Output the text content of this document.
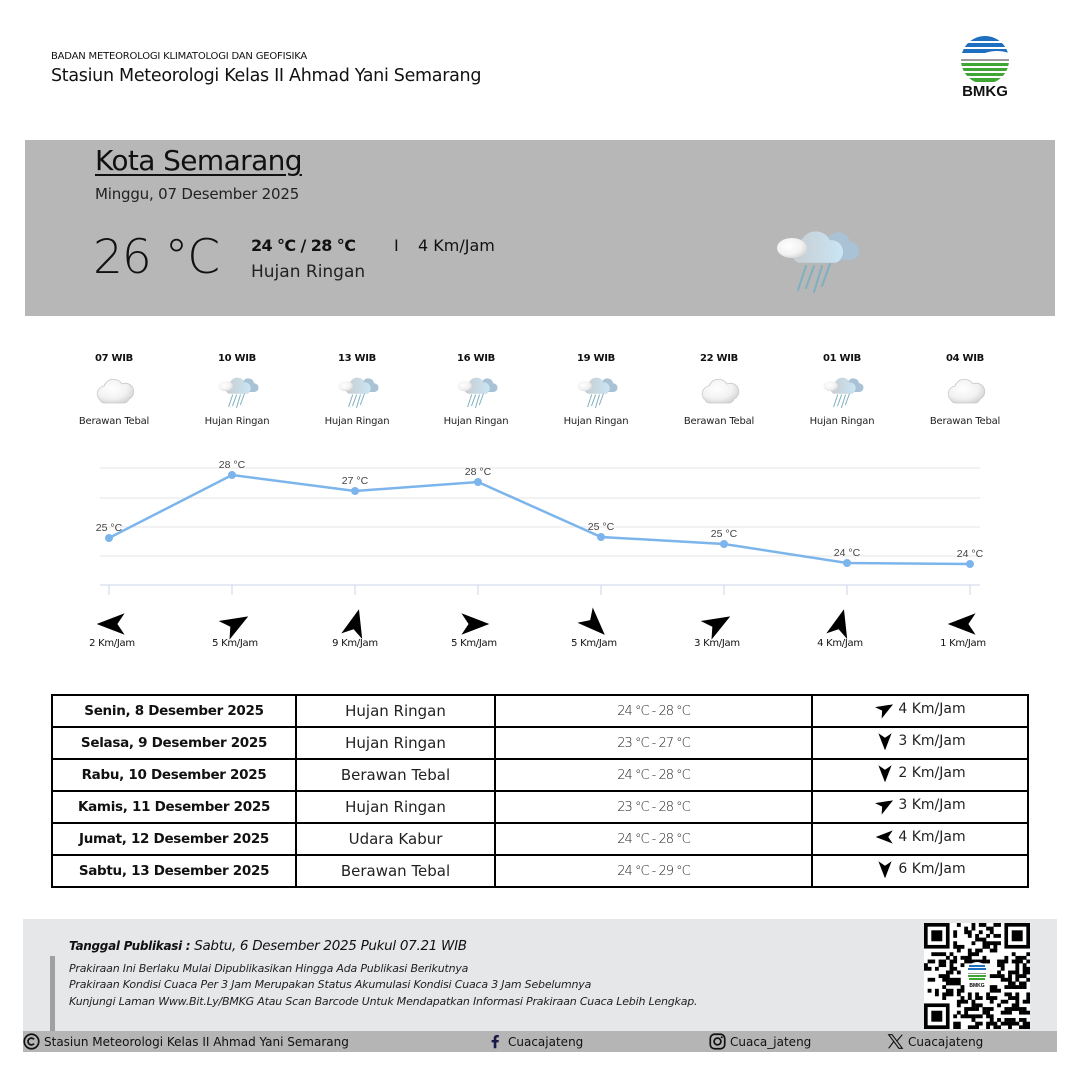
BADAN METEOROLOGI KLIMATOLOGI DAN GEOFISIKA
Stasiun Meteorologi Kelas II Ahmad Yani Semarang
BMKG
Kota Semarang
Minggu, 07 Desember 2025
26 °C 24 °C / 28 °C I 4 Km/Jam
Hujan Ringan
07 WIB
Berawan Tebal
10 WIB
Hujan Ringan
13 WIB
Hujan Ringan
16 WIB
Hujan Ringan
19 WIB
Hujan Ringan
22 WIB
Berawan Tebal
01 WIB
Hujan Ringan
04 WIB
Berawan Tebal
25 °C
28 °C
27 °C
28 °C
25 °C
25 °C
24 °C	24 °C
2 Km/Jam	5 Km/Jam	9 Km/Jam	5 Km/Jam	5 Km/Jam	3 Km/Jam	4 Km/Jam	1 Km/Jam
Senin, 8 Desember 2025	Hujan Ringan	24 °C - 28 °C	4 Km/Jam

Selasa, 9 Desember 2025	Hujan Ringan	23 °C - 27 °C	3 Km/Jam

Rabu, 10 Desember 2025	Berawan Tebal	24 °C - 28 °C	2 Km/Jam

Kamis, 11 Desember 2025	Hujan Ringan	23 °C - 28 °C	3 Km/Jam

Jumat, 12 Desember 2025	Udara Kabur	24 °C - 28 °C	4 Km/Jam

Sabtu, 13 Desember 2025	Berawan Tebal	24 °C - 29 °C	6 Km/Jam
Tanggal Publikasi : Sabtu, 6 Desember 2025 Pukul 07.21 WIB
Prakiraan Ini Berlaku Mulai Dipublikasikan Hingga Ada Publikasi Berikutnya
Prakiraan Kondisi Cuaca Per 3 Jam Merupakan Status Akumulasi Kondisi Cuaca 3 Jam Sebelumnya
Kunjungi Laman Www.Bit.Ly/BMKG Atau Scan Barcode Untuk Mendapatkan Informasi Prakiraan Cuaca Lebih Lengkap.
BMKG
Stasiun Meteorologi Kelas II Ahmad Yani Semarang	Cuacajateng	Cuaca_jateng	Cuacajateng
